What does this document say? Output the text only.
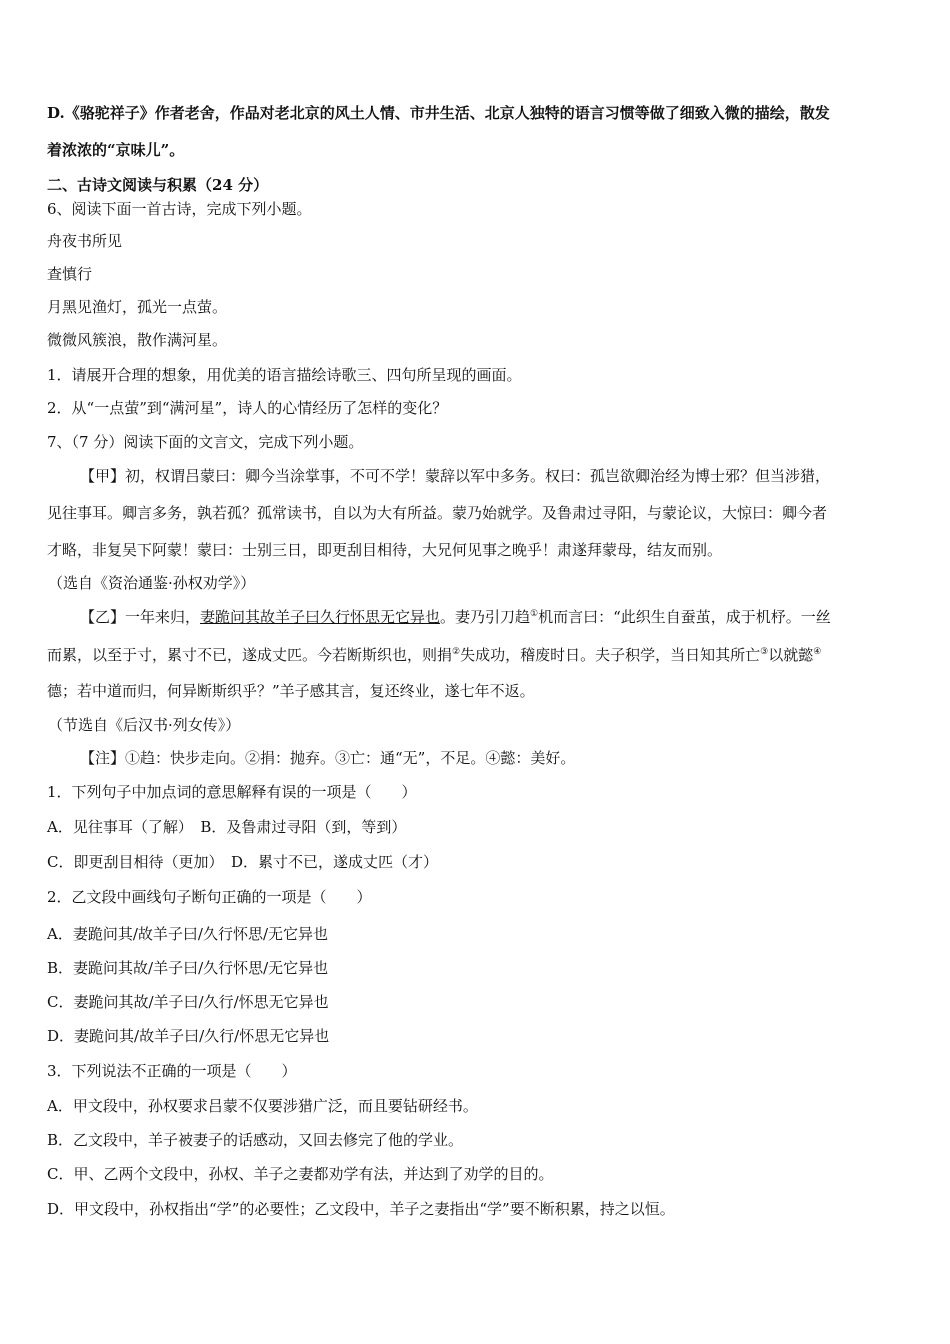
D.《骆驼祥子》作者老舍，作品对老北京的风土人情、市井生活、北京人独特的语言习惯等做了细致入微的描绘，散发
着浓浓的“京味儿”。
二、古诗文阅读与积累（24 分）
6、阅读下面一首古诗，完成下列小题。
舟夜书所见
查慎行
月黑见渔灯，孤光一点萤。
微微风簇浪，散作满河星。
1．请展开合理的想象，用优美的语言描绘诗歌三、四句所呈现的画面。
2．从“一点萤”到“满河星”，诗人的心情经历了怎样的变化？
7、（7 分）阅读下面的文言文，完成下列小题。
【甲】初，权谓吕蒙曰：卿今当涂掌事，不可不学！蒙辞以军中多务。权曰：孤岂欲卿治经为博士邪？但当涉猎，
见往事耳。卿言多务，孰若孤？孤常读书，自以为大有所益。蒙乃始就学。及鲁肃过寻阳，与蒙论议，大惊曰：卿今者
才略，非复吴下阿蒙！蒙曰：士别三日，即更刮目相待，大兄何见事之晚乎！肃遂拜蒙母，结友而别。
（选自《资治通鉴·孙权劝学》）
【乙】一年来归，妻跪问其故羊子曰久行怀思无它异也。妻乃引刀趋①机而言曰：“此织生自蚕茧，成于机杼。一丝
而累，以至于寸，累寸不已，遂成丈匹。今若断斯织也，则捐②失成功，稽废时日。夫子积学，当日知其所亡③以就懿④
德；若中道而归，何异断斯织乎？”羊子感其言，复还终业，遂七年不返。
（节选自《后汉书·列女传》）
【注】①趋：快步走向。②捐：抛弃。③亡：通“无”，不足。④懿：美好。
1．下列句子中加点词的意思解释有误的一项是（　　）
A．见往事耳（了解）　B．及鲁肃过寻阳（到，等到）
C．即更刮目相待（更加）　D．累寸不已，遂成丈匹（才）
2．乙文段中画线句子断句正确的一项是（　　）
A．妻跪问其/故羊子曰/久行怀思/无它异也
B．妻跪问其故/羊子曰/久行怀思/无它异也
C．妻跪问其故/羊子曰/久行/怀思无它异也
D．妻跪问其/故羊子曰/久行/怀思无它异也
3．下列说法不正确的一项是（　　）
A．甲文段中，孙权要求吕蒙不仅要涉猎广泛，而且要钻研经书。
B．乙文段中，羊子被妻子的话感动，又回去修完了他的学业。
C．甲、乙两个文段中，孙权、羊子之妻都劝学有法，并达到了劝学的目的。
D．甲文段中，孙权指出“学”的必要性；乙文段中，羊子之妻指出“学”要不断积累，持之以恒。
